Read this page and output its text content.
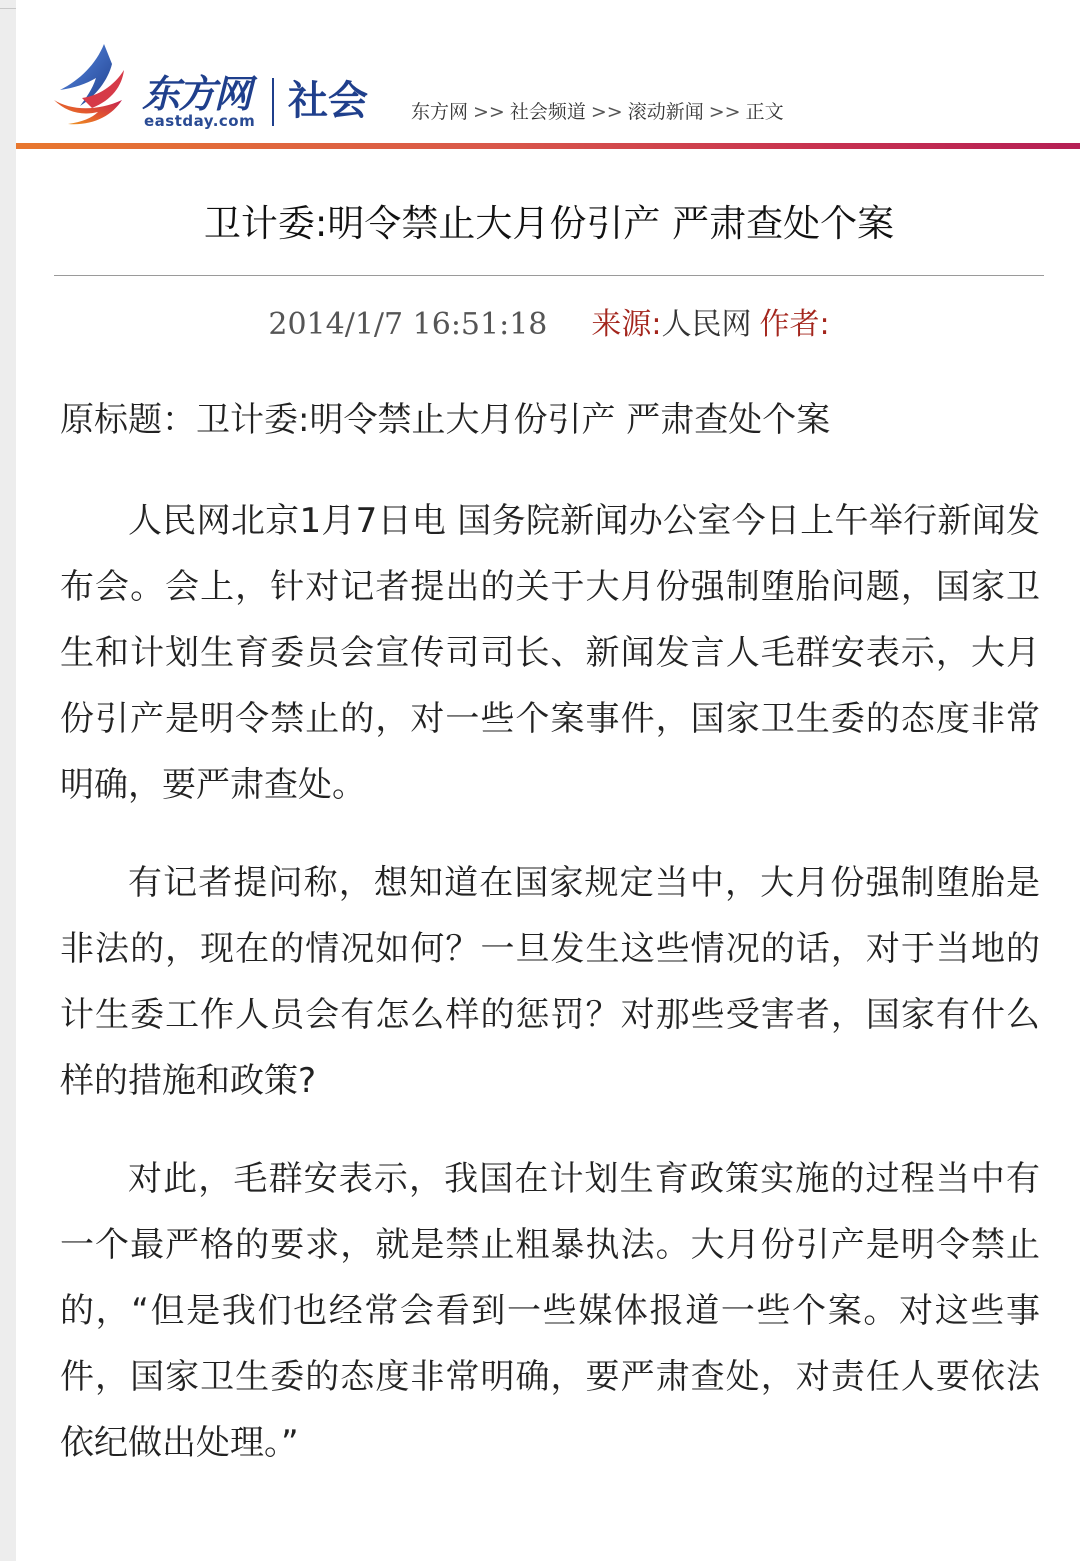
东方网
eastday.com 社会 东方网 >> 社会频道 >> 滚动新闻 >> 正文
卫计委:明令禁止大月份引产 严肃查处个案
2014/1/7 16:51:18 来源:人民网 作者:
原标题：卫计委:明令禁止大月份引产 严肃查处个案

人民网北京1月7日电 国务院新闻办公室今日上午举行新闻发布会。会上，针对记者提出的关于大月份强制堕胎问题，国家卫生和计划生育委员会宣传司司长、新闻发言人毛群安表示，大月份引产是明令禁止的，对一些个案事件，国家卫生委的态度非常明确，要严肃查处。

有记者提问称，想知道在国家规定当中，大月份强制堕胎是非法的，现在的情况如何？一旦发生这些情况的话，对于当地的计生委工作人员会有怎么样的惩罚？对那些受害者，国家有什么样的措施和政策?

对此，毛群安表示，我国在计划生育政策实施的过程当中有一个最严格的要求，就是禁止粗暴执法。大月份引产是明令禁止的，“但是我们也经常会看到一些媒体报道一些个案。对这些事件，国家卫生委的态度非常明确，要严肃查处，对责任人要依法依纪做出处理。”
